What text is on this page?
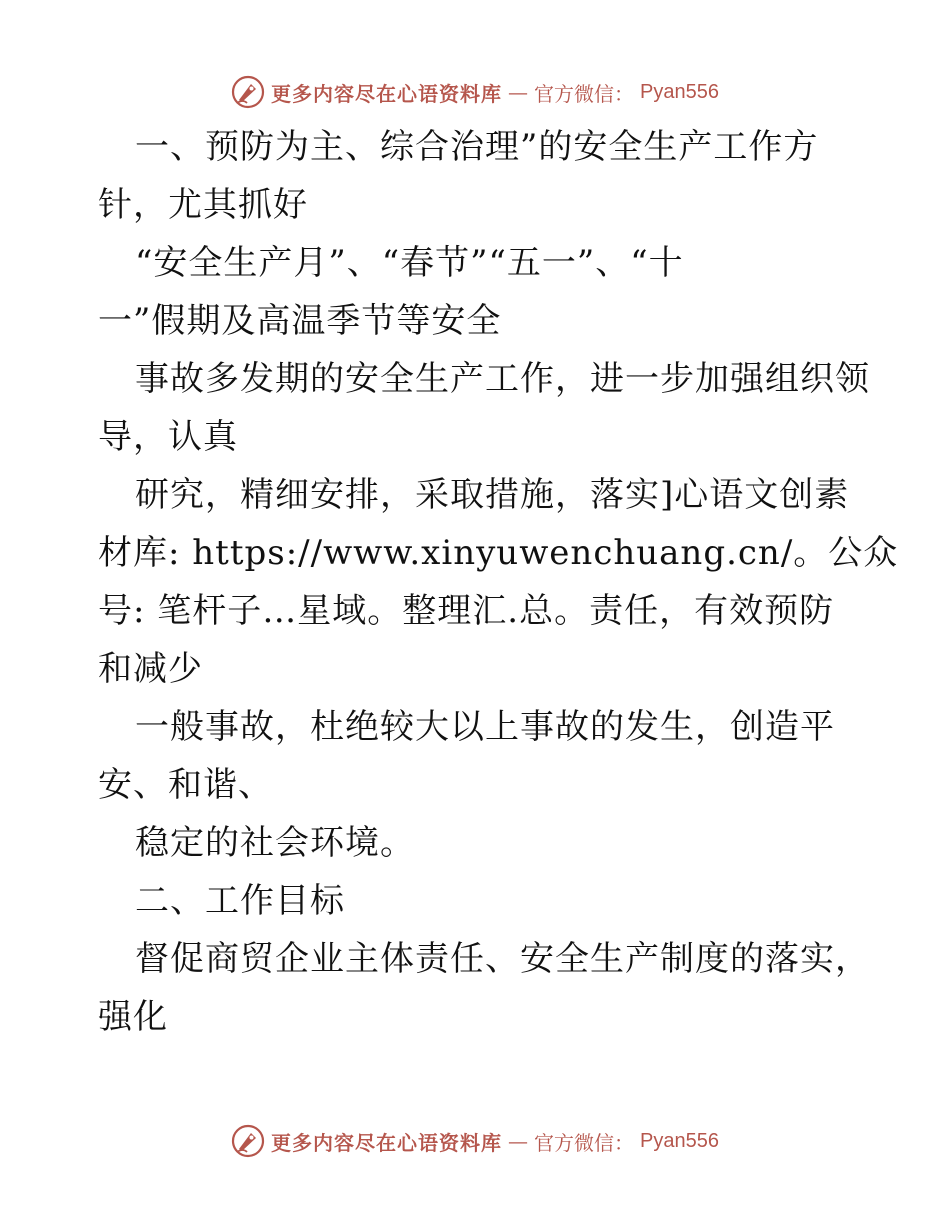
更多内容尽在心语资料库 — 官方微信： Pyan556
一、预防为主、综合治理”的安全生产工作方
针，尤其抓好
“安全生产月”、“春节”“五一”、“十
一”假期及高温季节等安全
事故多发期的安全生产工作，进一步加强组织领
导，认真
研究，精细安排，采取措施，落实]心语文创素
材库: https://www.xinyuwenchuang.cn/。公众
号: 笔杆子…星域。整理汇.总。责任，有效预防
和减少
一般事故，杜绝较大以上事故的发生，创造平
安、和谐、
稳定的社会环境。
二、工作目标
督促商贸企业主体责任、安全生产制度的落实，
强化
更多内容尽在心语资料库 — 官方微信： Pyan556
